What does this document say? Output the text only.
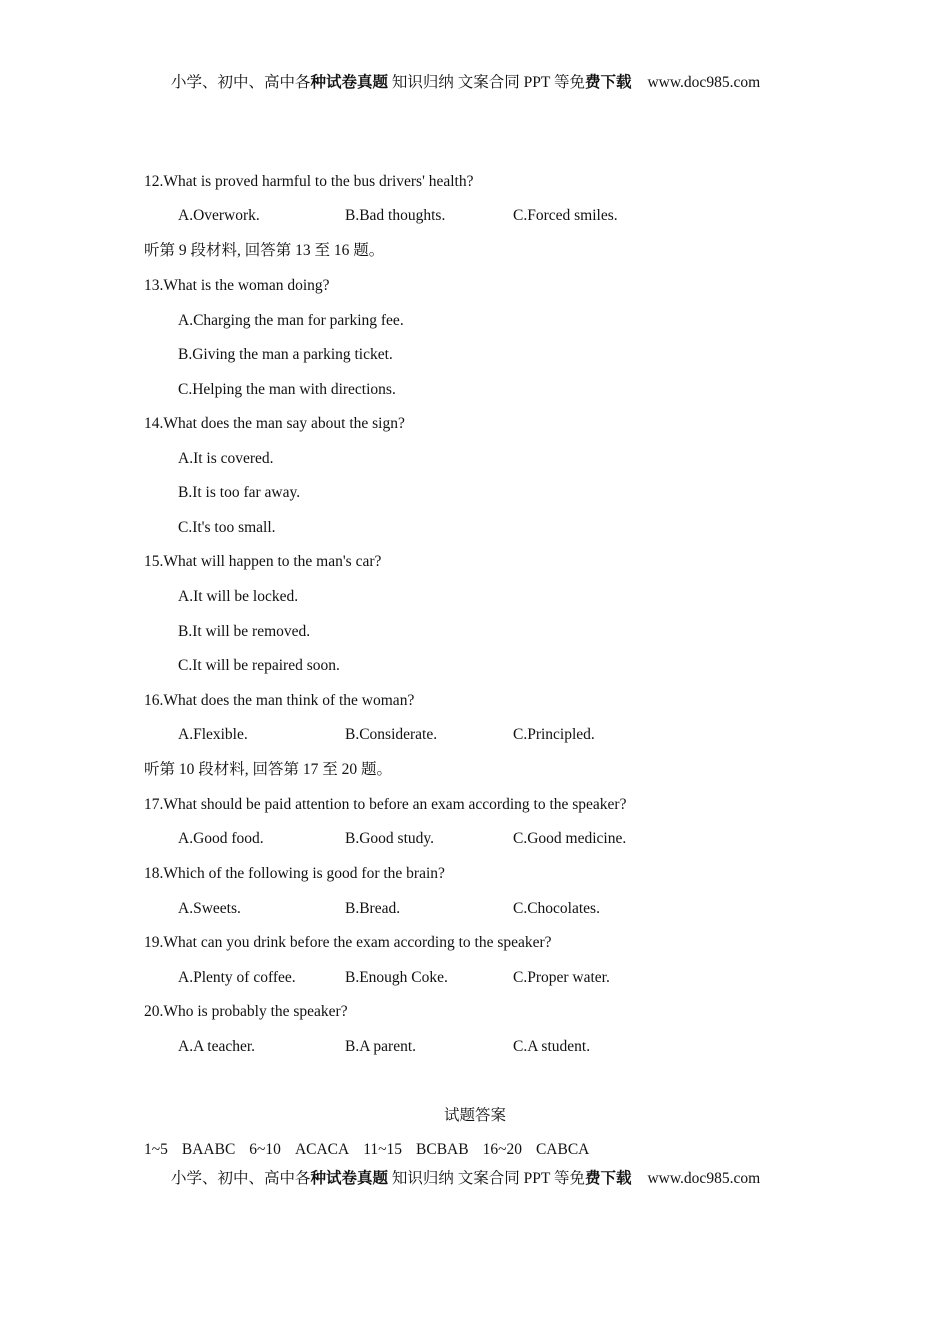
小学、初中、高中各种试卷真题 知识归纳 文案合同 PPT 等免费下载 www.doc985.com
12.What is proved harmful to the bus drivers' health?
A.Overwork.	B.Bad thoughts.	C.Forced smiles.
听第 9 段材料, 回答第 13 至 16 题。
13.What is the woman doing?
A.Charging the man for parking fee.
B.Giving the man a parking ticket.
C.Helping the man with directions.
14.What does the man say about the sign?
A.It is covered.
B.It is too far away.
C.It's too small.
15.What will happen to the man's car?
A.It will be locked.
B.It will be removed.
C.It will be repaired soon.
16.What does the man think of the woman?
A.Flexible.	B.Considerate.	C.Principled.
听第 10 段材料, 回答第 17 至 20 题。
17.What should be paid attention to before an exam according to the speaker?
A.Good food.	B.Good study.	C.Good medicine.
18.Which of the following is good for the brain?
A.Sweets.	B.Bread.	C.Chocolates.
19.What can you drink before the exam according to the speaker?
A.Plenty of coffee.	B.Enough Coke.	C.Proper water.
20.Who is probably the speaker?
A.A teacher.	B.A parent.	C.A student.
试题答案
1~5 BAABC 6~10 ACACA 11~15 BCBAB 16~20 CABCA
小学、初中、高中各种试卷真题 知识归纳 文案合同 PPT 等免费下载 www.doc985.com
